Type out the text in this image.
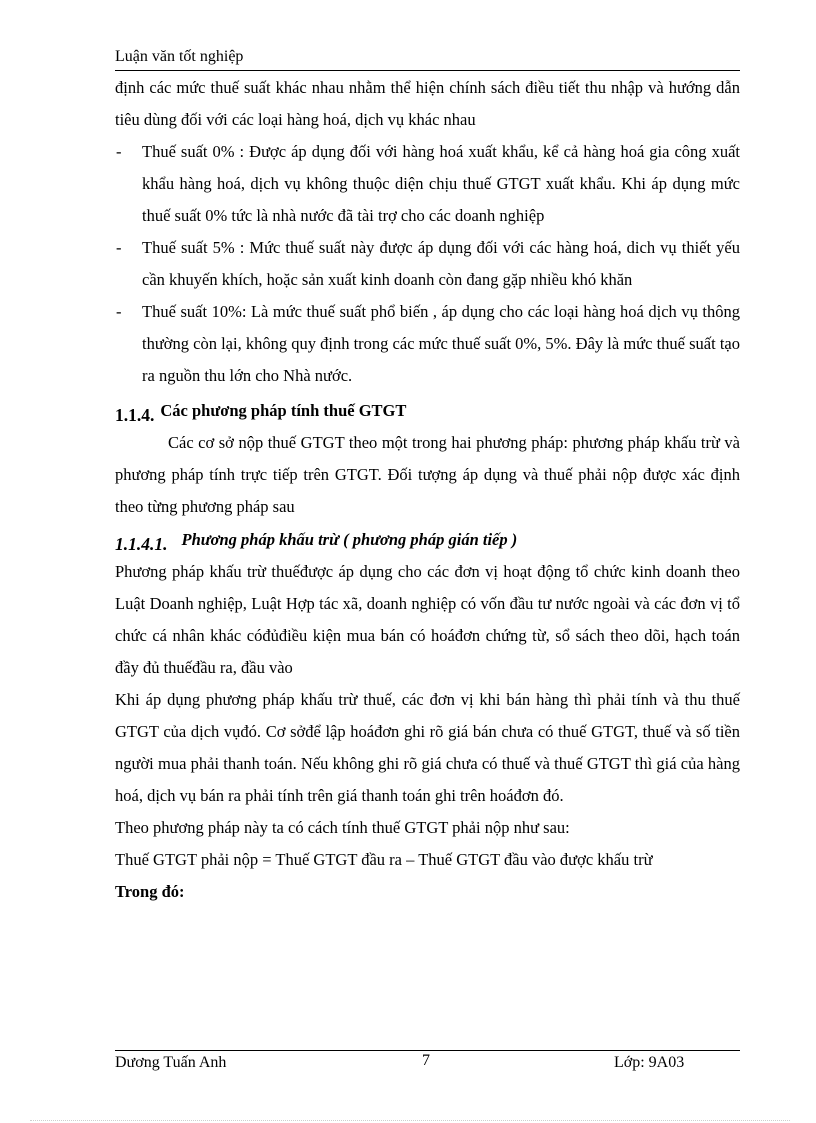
Luận văn tốt nghiệp

định các mức thuế suất khác nhau nhằm thể hiện chính sách điều tiết thu nhập và hướng dẫn tiêu dùng đối với các loại hàng hoá, dịch vụ khác nhau

- Thuế suất 0% : Được áp dụng đối với hàng hoá xuất khẩu, kể cả hàng hoá gia công xuất khẩu hàng hoá, dịch vụ không thuộc diện chịu thuế GTGT xuất khẩu. Khi áp dụng mức thuế suất 0% tức là nhà nước đã tài trợ cho các doanh nghiệp

- Thuế suất 5% : Mức thuế suất này được áp dụng đối với các hàng hoá, dich vụ thiết yếu cần khuyến khích, hoặc sản xuất kinh doanh còn đang gặp nhiều khó khăn

- Thuế suất 10%: Là mức thuế suất phổ biến , áp dụng cho các loại hàng hoá dịch vụ thông thường còn lại, không quy định trong các mức thuế suất 0%, 5%. Đây là mức thuế suất tạo ra nguồn thu lớn cho Nhà nước.

1.1.4. Các phương pháp tính thuế GTGT

Các cơ sở nộp thuế GTGT theo một trong hai phương pháp: phương pháp khấu trừ và phương pháp tính trực tiếp trên GTGT. Đối tượng áp dụng và thuế phải nộp được xác định theo từng phương pháp sau

1.1.4.1. Phương pháp khấu trừ ( phương pháp gián tiếp )

Phương pháp khấu trừ thuếđược áp dụng cho các đơn vị hoạt động tổ chức kinh doanh theo Luật Doanh nghiệp, Luật Hợp tác xã, doanh nghiệp có vốn đầu tư nước ngoài và các đơn vị tổ chức cá nhân khác cóđủđiều kiện mua bán có hoáđơn chứng từ, sổ sách theo dõi, hạch toán đầy đủ thuếđầu ra, đầu vào

Khi áp dụng phương pháp khấu trừ thuế, các đơn vị khi bán hàng thì phải tính và thu thuế GTGT của dịch vụđó. Cơ sởđể lập hoáđơn ghi rõ giá bán chưa có thuế GTGT, thuế và số tiền người mua phải thanh toán. Nếu không ghi rõ giá chưa có thuế và thuế GTGT thì giá của hàng hoá, dịch vụ bán ra phải tính trên giá thanh toán ghi trên hoáđơn đó.

Theo phương pháp này ta có cách tính thuế GTGT phải nộp như sau:

Thuế GTGT phải nộp = Thuế GTGT đầu ra – Thuế GTGT đầu vào được khấu trừ

Trong đó:

Dương Tuấn Anh	7	Lớp: 9A03
